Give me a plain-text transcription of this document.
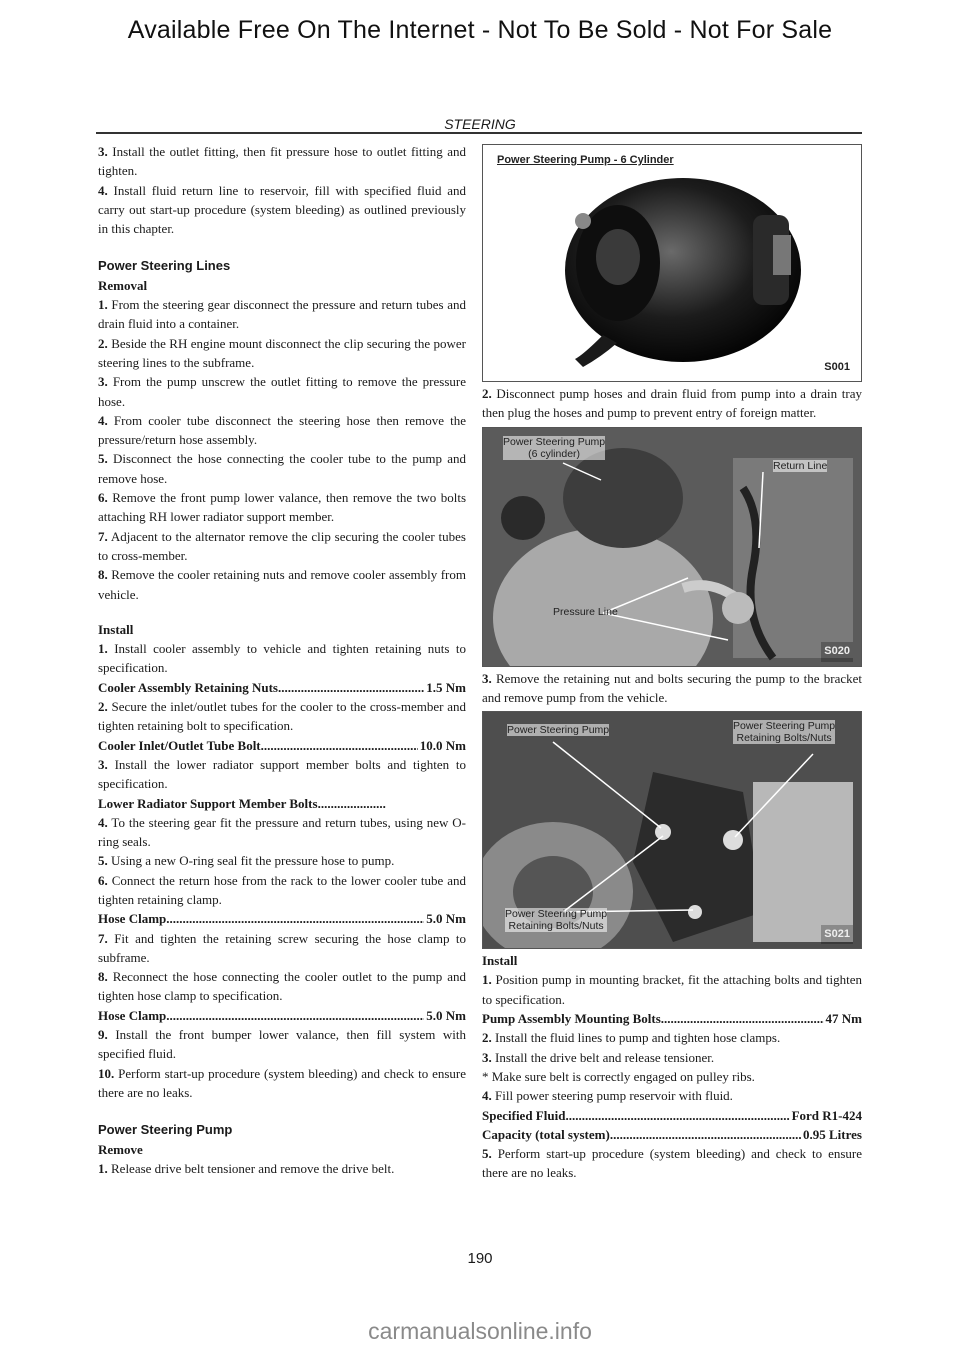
Available Free On The Internet - Not To Be Sold - Not For Sale
STEERING

3. Install the outlet fitting, then fit pressure hose to outlet fitting and tighten.

4. Install fluid return line to reservoir, fill with specified fluid and carry out start-up procedure (system bleeding) as outlined previously in this chapter.

Power Steering Lines
Removal

1. From the steering gear disconnect the pressure and return tubes and drain fluid into a container.

2. Beside the RH engine mount disconnect the clip securing the power steering lines to the subframe.

3. From the pump unscrew the outlet fitting to remove the pressure hose.

4. From cooler tube disconnect the steering hose then remove the pressure/return hose assembly.

5. Disconnect the hose connecting the cooler tube to the pump and remove hose.

6. Remove the front pump lower valance, then remove the two bolts attaching RH lower radiator support member.

7. Adjacent to the alternator remove the clip securing the cooler tubes to cross-member.

8. Remove the cooler retaining nuts and remove cooler assembly from vehicle.

Install

1. Install cooler assembly to vehicle and tighten retaining nuts to specification.

Cooler Assembly Retaining Nuts .....	1.5 Nm

2. Secure the inlet/outlet tubes for the cooler to the cross-member and tighten retaining bolt to specification.

Cooler Inlet/Outlet Tube Bolt .....	10.0 Nm

3. Install the lower radiator support member bolts and tighten to specification.

Lower Radiator Support Member Bolts
.....

4. To the steering gear fit the pressure and return tubes, using new O-ring seals.

5. Using a new O-ring seal fit the pressure hose to pump.

6. Connect the return hose from the rack to the lower cooler tube and tighten retaining clamp.

Hose Clamp .....	5.0 Nm

7. Fit and tighten the retaining screw securing the hose clamp to subframe.

8. Reconnect the hose connecting the cooler outlet to the pump and tighten hose clamp to specification.

Hose Clamp .....	5.0 Nm

9. Install the front bumper lower valance, then fill system with specified fluid.

10. Perform start-up procedure (system bleeding) and check to ensure there are no leaks.

Power Steering Pump
Remove

1. Release drive belt tensioner and remove the drive belt.

Power Steering Pump - 6 Cylinder
S001

2. Disconnect pump hoses and drain fluid from pump into a drain tray then plug the hoses and pump to prevent entry of foreign matter.

Power Steering Pump
(6 cylinder)
Return Line
Pressure Line
S020

3. Remove the retaining nut and bolts securing the pump to the bracket and remove pump from the vehicle.

Power Steering Pump	Power Steering Pump
Retaining Bolts/Nuts
Power Steering Pump
Retaining Bolts/Nuts
S021
Install

1. Position pump in mounting bracket, fit the attaching bolts and tighten to specification.

Pump Assembly Mounting Bolts .....	47 Nm

2. Install the fluid lines to pump and tighten hose clamps.

3. Install the drive belt and release tensioner.

* Make sure belt is correctly engaged on pulley ribs.

4. Fill power steering pump reservoir with fluid.

Specified Fluid .....	Ford R1-424
Capacity (total system) .....	0.95 Litres

5. Perform start-up procedure (system bleeding) and check to ensure there are no leaks.

190
carmanualsonline.info
